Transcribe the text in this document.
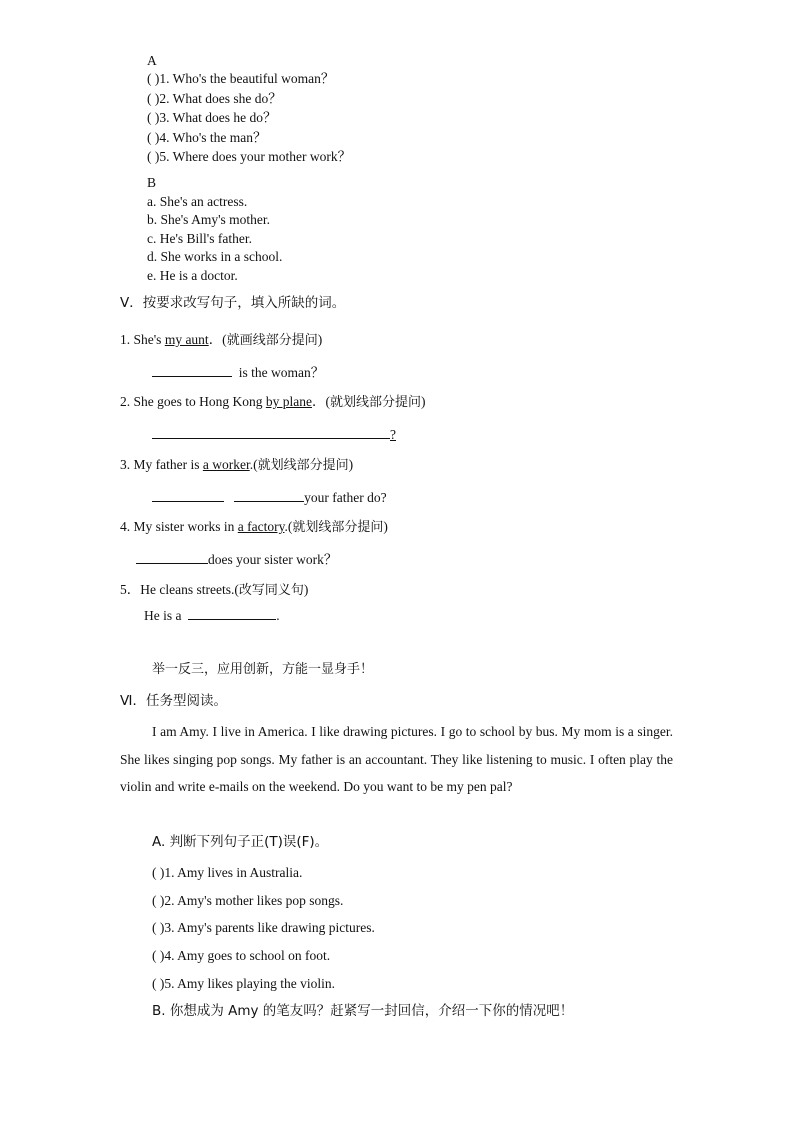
A
( )1. Who's the beautiful woman？
( )2. What does she do？
( )3. What does he do？
( )4. Who's the man？
( )5. Where does your mother work？
B
a. She's an actress.
b. She's Amy's mother.
c. He's Bill's father.
d. She works in a school.
e. He is a doctor.
Ⅴ．按要求改写句子，填入所缺的词。
1. She's my aunt．(就画线部分提问)
is the woman？
2. She goes to Hong Kong by plane．(就划线部分提问)
?
3. My father is a worker.(就划线部分提问)
your father do?
4. My sister works in a factory.(就划线部分提问)
does your sister work？
5．He cleans streets.(改写同义句)
He is a	.
举一反三，应用创新，方能一显身手！
Ⅵ．任务型阅读。
I am Amy. I live in America. I like drawing pictures. I go to school by bus. My mom is a singer. She likes singing pop songs. My father is an accountant. They like listening to music. I often play the violin and write e-mails on the weekend. Do you want to be my pen pal?
A. 判断下列句子正(T)误(F)。
( )1. Amy lives in Australia.
( )2. Amy's mother likes pop songs.
( )3. Amy's parents like drawing pictures.
( )4. Amy goes to school on foot.
( )5. Amy likes playing the violin.
B. 你想成为 Amy 的笔友吗？赶紧写一封回信，介绍一下你的情况吧！
